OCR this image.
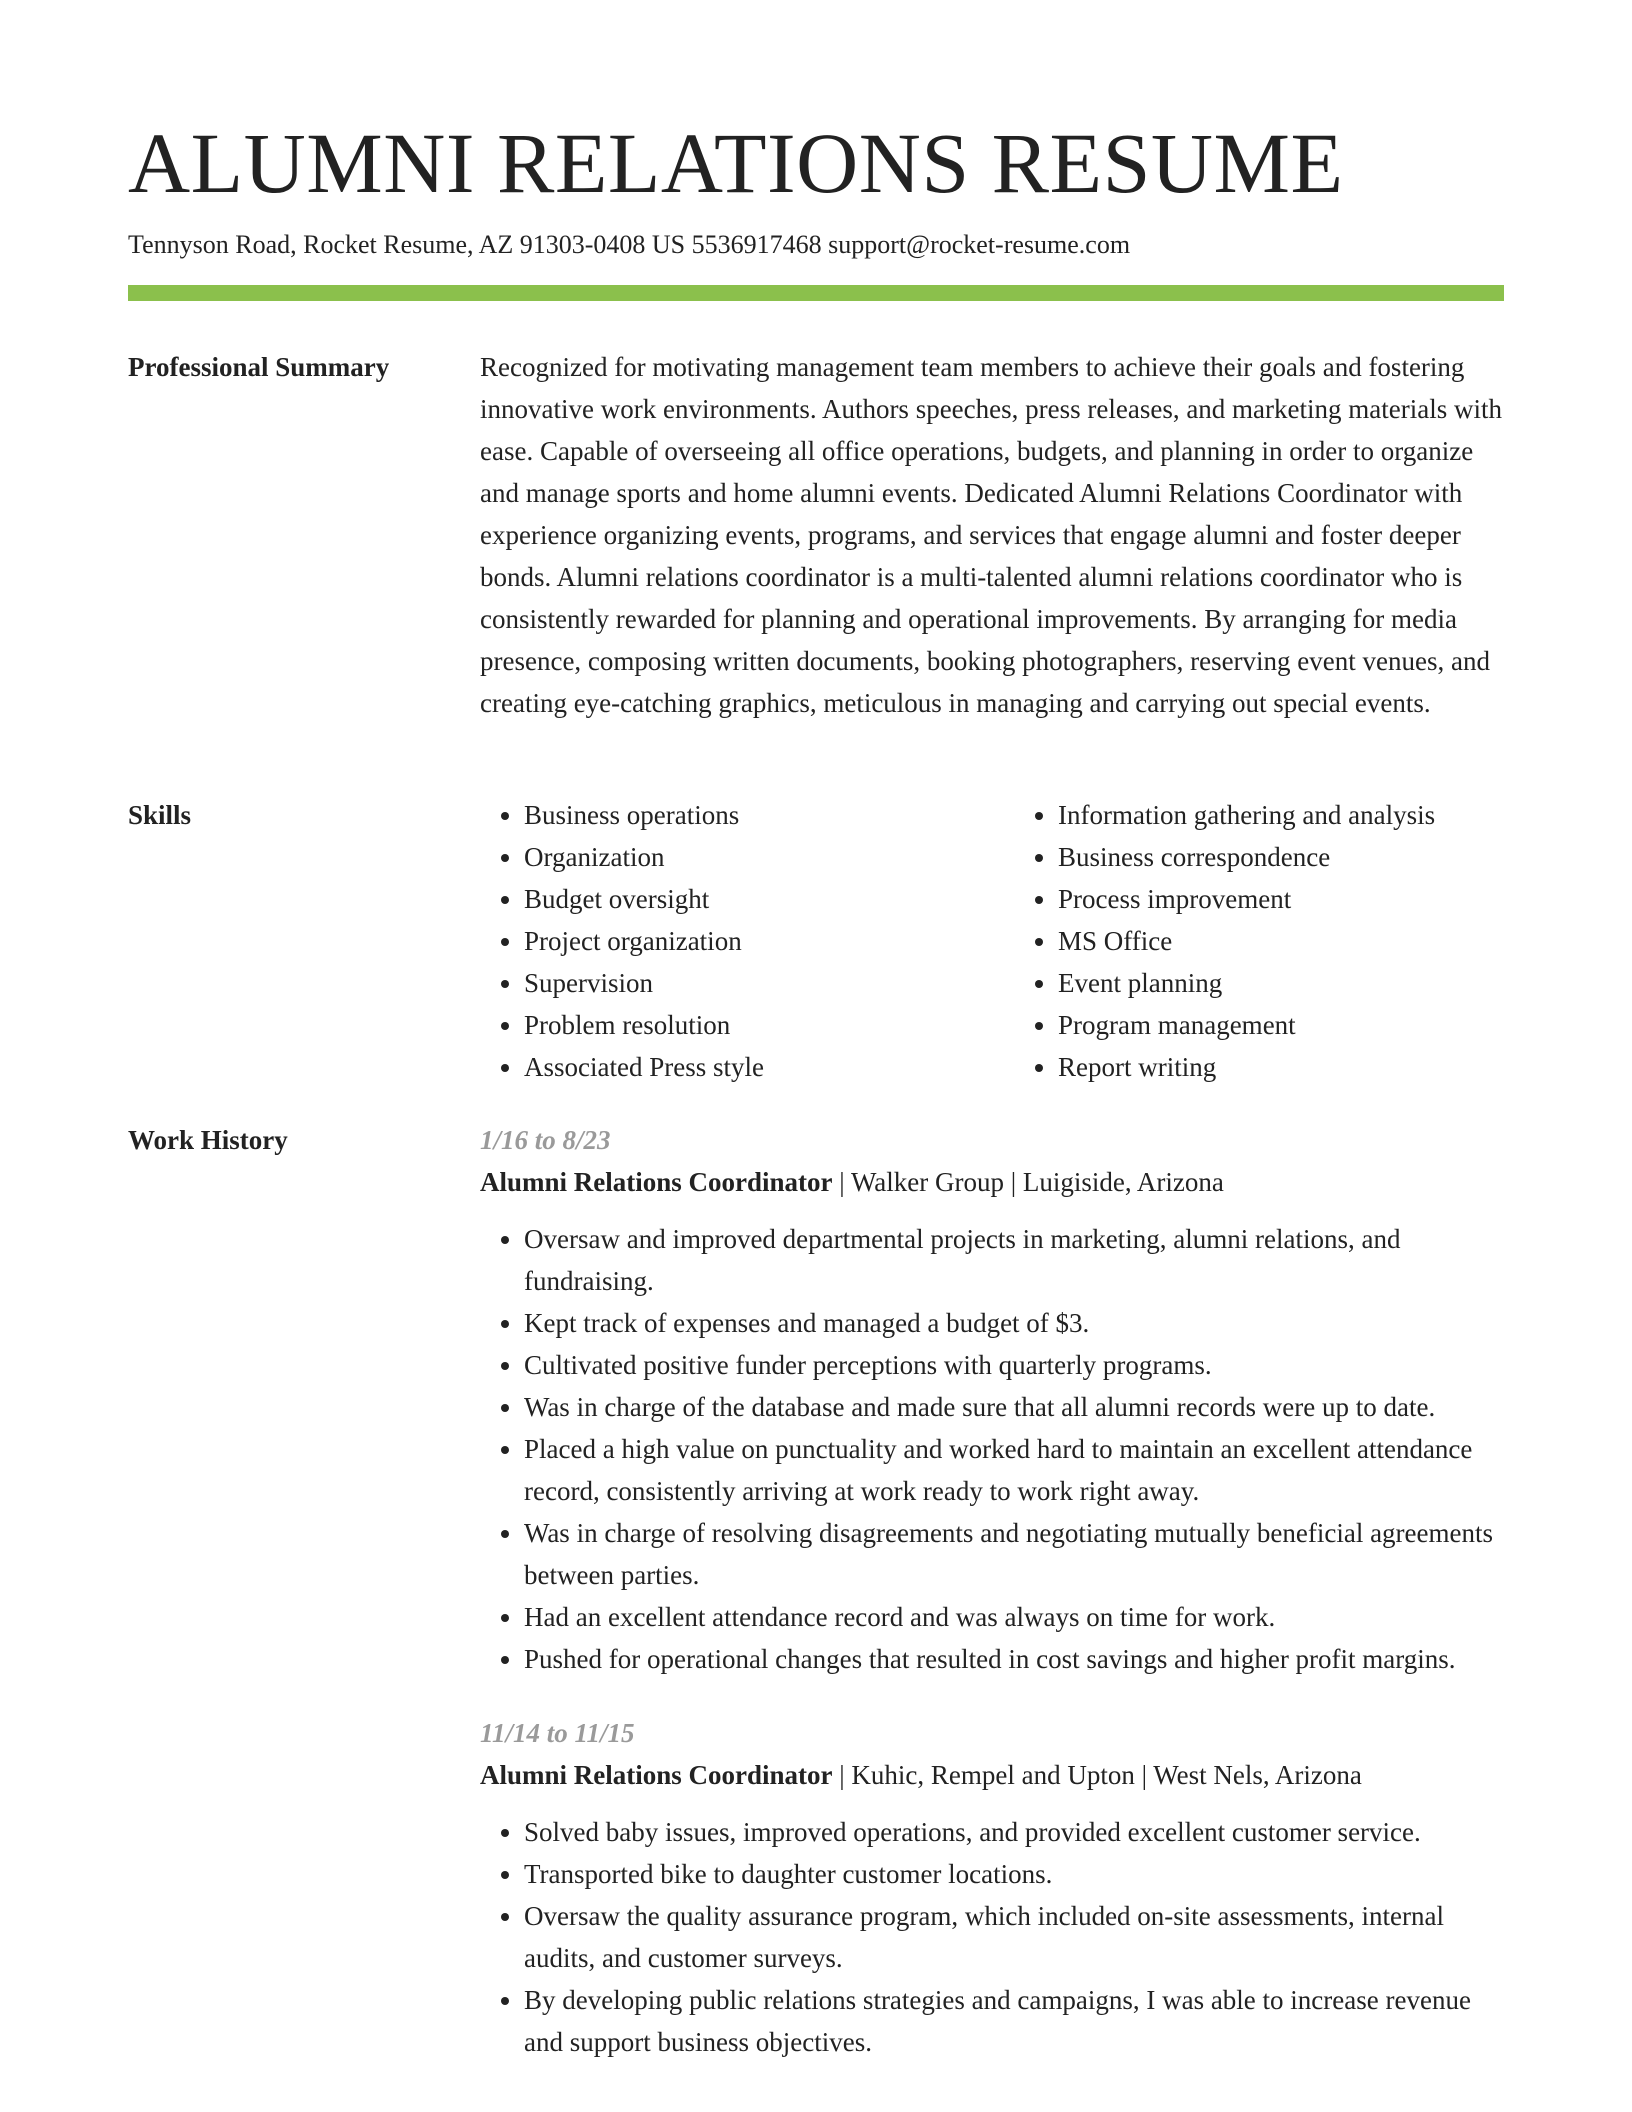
ALUMNI RELATIONS RESUME
Tennyson Road, Rocket Resume, AZ 91303-0408 US 5536917468 support@rocket-resume.com
Professional Summary	Recognized for motivating management team members to achieve their goals and fostering innovative work environments. Authors speeches, press releases, and marketing materials with ease. Capable of overseeing all office operations, budgets, and planning in order to organize and manage sports and home alumni events. Dedicated Alumni Relations Coordinator with experience organizing events, programs, and services that engage alumni and foster deeper bonds. Alumni relations coordinator is a multi-talented alumni relations coordinator who is consistently rewarded for planning and operational improvements. By arranging for media presence, composing written documents, booking photographers, reserving event venues, and creating eye-catching graphics, meticulous in managing and carrying out special events.
Skills
•	Business operations
• Organization
• Budget oversight
• Project organization
• Supervision
• Problem resolution
• Associated Press style
• Information gathering and analysis
• Business correspondence
• Process improvement
• MS Office
• Event planning
• Program management
• Report writing
Work History	1/16 to 8/23
Alumni Relations Coordinator | Walker Group | Luigiside, Arizona
• Oversaw and improved departmental projects in marketing, alumni relations, and fundraising.
• Kept track of expenses and managed a budget of $3.
• Cultivated positive funder perceptions with quarterly programs.
• Was in charge of the database and made sure that all alumni records were up to date.
• Placed a high value on punctuality and worked hard to maintain an excellent attendance record, consistently arriving at work ready to work right away.
• Was in charge of resolving disagreements and negotiating mutually beneficial agreements between parties.
• Had an excellent attendance record and was always on time for work.
• Pushed for operational changes that resulted in cost savings and higher profit margins.
11/14 to 11/15
Alumni Relations Coordinator | Kuhic, Rempel and Upton | West Nels, Arizona
• Solved baby issues, improved operations, and provided excellent customer service.
• Transported bike to daughter customer locations.
• Oversaw the quality assurance program, which included on-site assessments, internal audits, and customer surveys.
• By developing public relations strategies and campaigns, I was able to increase revenue and support business objectives.
